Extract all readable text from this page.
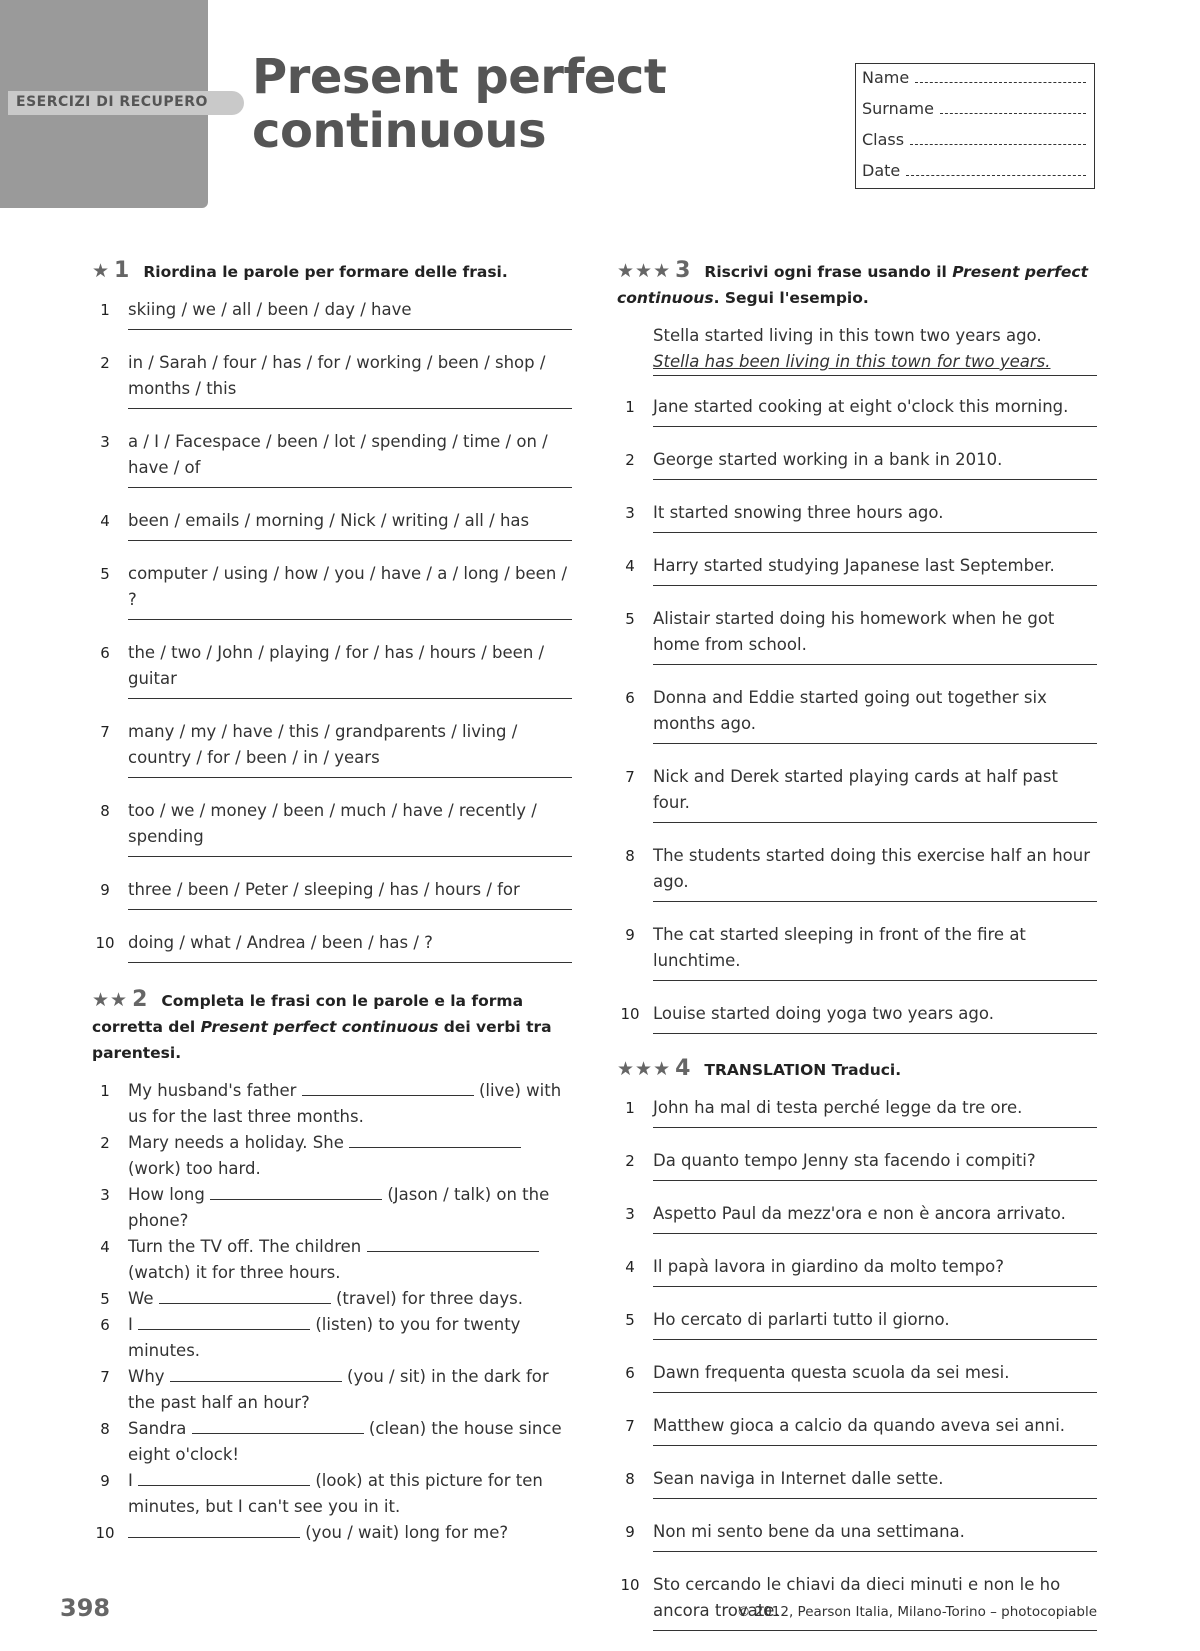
ESERCIZI DI RECUPERO Present perfect
continuous
Name
Surname
Class
Date
★ 1 Riordina le parole per formare delle frasi.
1	skiing / we / all / been / day / have
2	in / Sarah / four / has / for / working / been / shop / months / this
3	a / I / Facespace / been / lot / spending / time / on / have / of
4	been / emails / morning / Nick / writing / all / has
5	computer / using / how / you / have / a / long / been / ?
6	the / two / John / playing / for / has / hours / been / guitar
7	many / my / have / this / grandparents / living / country / for / been / in / years
8	too / we / money / been / much / have / recently / spending
9	three / been / Peter / sleeping / has / hours / for
10 doing / what / Andrea / been / has / ?
★★ 2 Completa le frasi con le parole e la forma corretta del Present perfect continuous dei verbi tra parentesi.
1	My husband's father	(live) with us for the last three months.
2	Mary needs a holiday. She  (work) too hard.
3	How long	(Jason / talk) on the phone?
4	Turn the TV off. The children  (watch) it for three hours.
5	We	(travel) for three days.
6	I	(listen) to you for twenty minutes.
7	Why	(you / sit) in the dark for the past half an hour?
8	Sandra	(clean) the house since eight o'clock!
9	I	(look) at this picture for ten minutes, but I can't see you in it.
10	(you / wait) long for me?
★★★ 3 Riscrivi ogni frase usando il Present perfect continuous. Segui l'esempio.
Stella started living in this town two years ago.
Stella has been living in this town for two years.
1	Jane started cooking at eight o'clock this morning.
2	George started working in a bank in 2010.
3	It started snowing three hours ago.
4	Harry started studying Japanese last September.
5	Alistair started doing his homework when he got home from school.
6	Donna and Eddie started going out together six months ago.
7	Nick and Derek started playing cards at half past four.
8	The students started doing this exercise half an hour ago.
9	The cat started sleeping in front of the fire at lunchtime.
10 Louise started doing yoga two years ago.
★★★ 4 TRANSLATION Traduci.
1	John ha mal di testa perché legge da tre ore.
2	Da quanto tempo Jenny sta facendo i compiti?
3	Aspetto Paul da mezz'ora e non è ancora arrivato.
4	Il papà lavora in giardino da molto tempo?
5	Ho cercato di parlarti tutto il giorno.
6	Dawn frequenta questa scuola da sei mesi.
7	Matthew gioca a calcio da quando aveva sei anni.
8	Sean naviga in Internet dalle sette.
9	Non mi sento bene da una settimana.
10 Sto cercando le chiavi da dieci minuti e non le ho ancora trovate.
398	© 2012, Pearson Italia, Milano-Torino – photocopiable
